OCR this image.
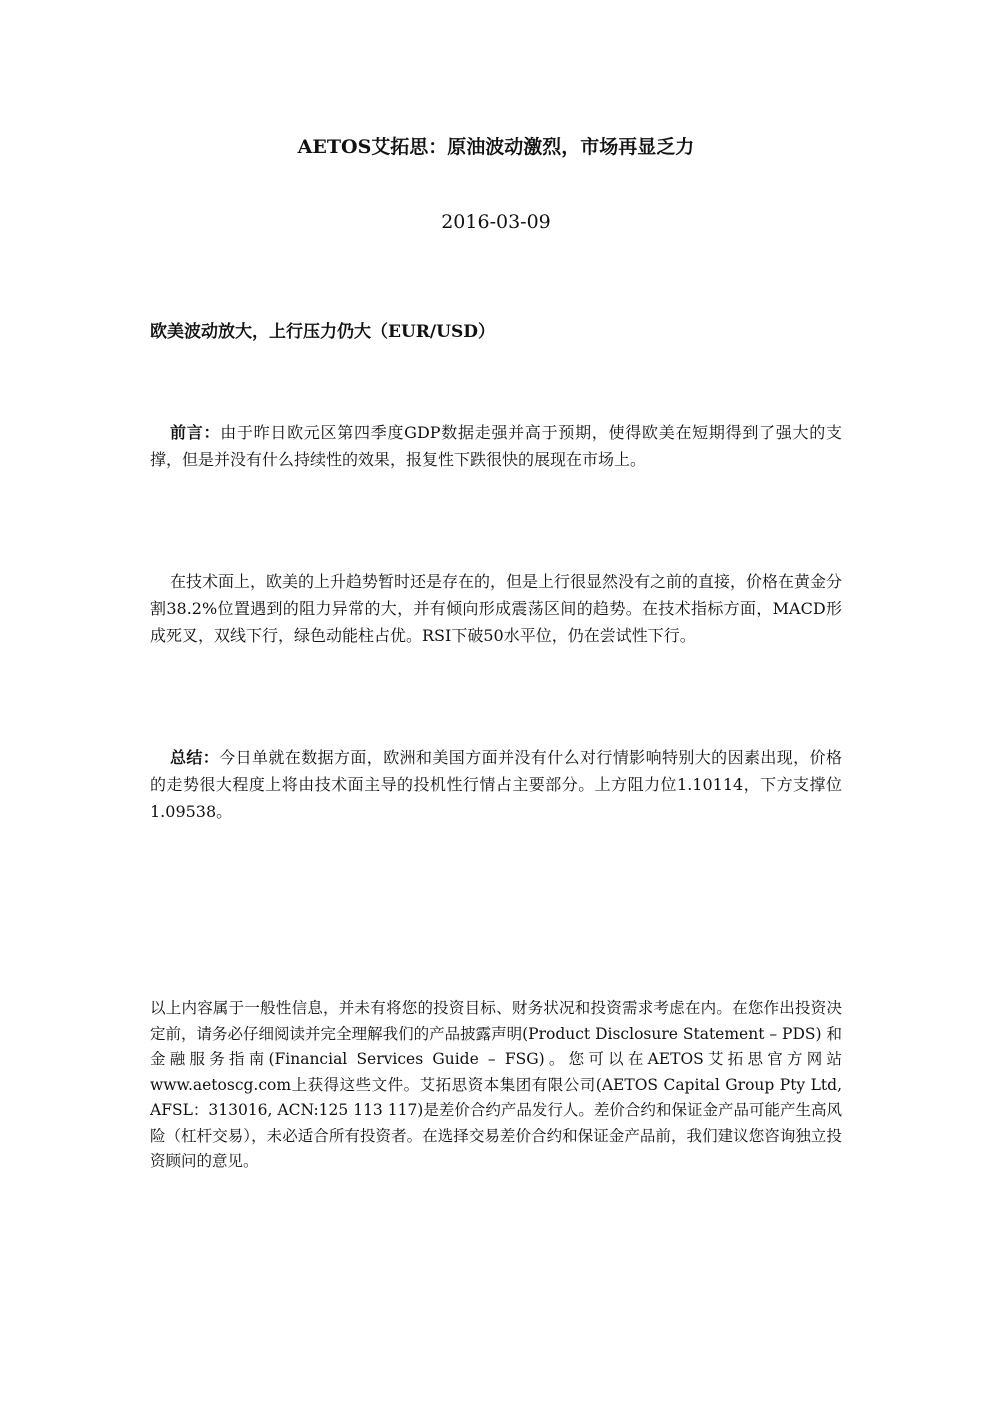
AETOS艾拓思：原油波动激烈，市场再显乏力
2016-03-09
欧美波动放大，上行压力仍大（EUR/USD）

前言：由于昨日欧元区第四季度GDP数据走强并高于预期，使得欧美在短期得到了强大的支撑，但是并没有什么持续性的效果，报复性下跌很快的展现在市场上。

在技术面上，欧美的上升趋势暂时还是存在的，但是上行很显然没有之前的直接，价格在黄金分割38.2%位置遇到的阻力异常的大，并有倾向形成震荡区间的趋势。在技术指标方面，MACD形成死叉，双线下行，绿色动能柱占优。RSI下破50水平位，仍在尝试性下行。

总结：今日单就在数据方面，欧洲和美国方面并没有什么对行情影响特别大的因素出现，价格的走势很大程度上将由技术面主导的投机性行情占主要部分。上方阻力位1.10114，下方支撑位1.09538。

以上内容属于一般性信息，并未有将您的投资目标、财务状况和投资需求考虑在内。在您作出投资决定前，请务必仔细阅读并完全理解我们的产品披露声明(Product Disclosure Statement – PDS) 和金融服务指南(Financial Services Guide – FSG)。您可以在AETOS艾拓思官方网站www.aetoscg.com上获得这些文件。艾拓思资本集团有限公司(AETOS Capital Group Pty Ltd, AFSL：313016, ACN:125 113 117)是差价合约产品发行人。差价合约和保证金产品可能产生高风险（杠杆交易），未必适合所有投资者。在选择交易差价合约和保证金产品前，我们建议您咨询独立投资顾问的意见。
